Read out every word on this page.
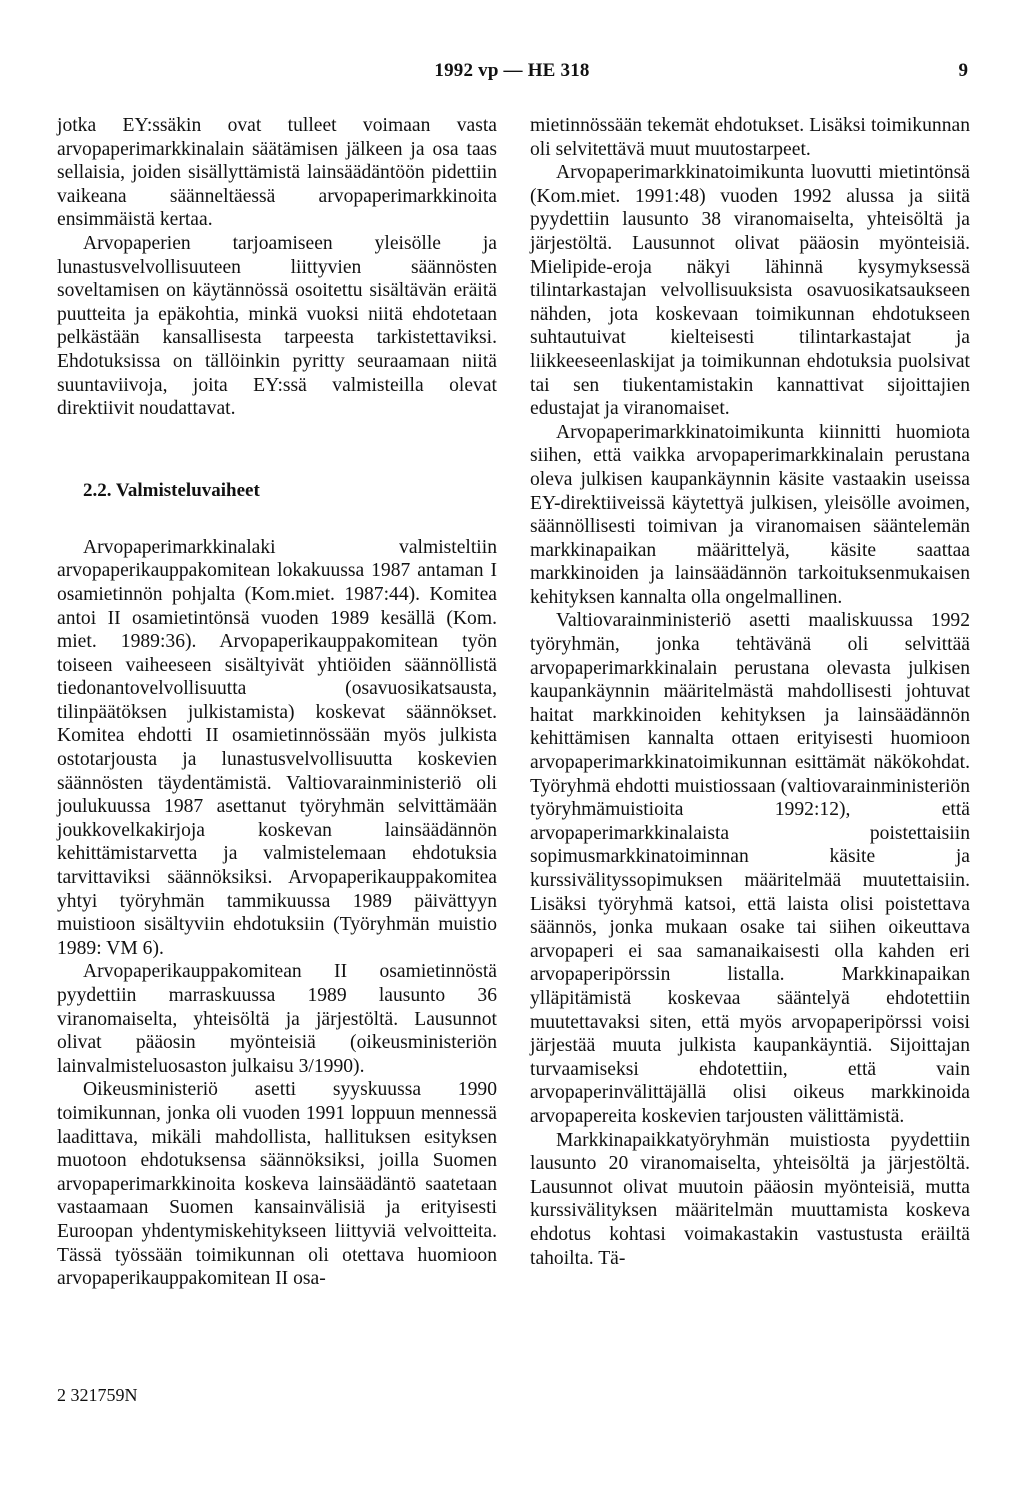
1992 vp — HE 318	9

jotka EY:ssäkin ovat tulleet voimaan vasta arvopaperimarkkinalain säätämisen jälkeen ja osa taas sellaisia, joiden sisällyttämistä lainsäädäntöön pidettiin vaikeana säänneltäessä arvopaperimarkkinoita ensimmäistä kertaa.

Arvopaperien tarjoamiseen yleisölle ja lunastusvelvollisuuteen liittyvien säännösten soveltamisen on käytännössä osoitettu sisältävän eräitä puutteita ja epäkohtia, minkä vuoksi niitä ehdotetaan pelkästään kansallisesta tarpeesta tarkistettaviksi. Ehdotuksissa on tällöinkin pyritty seuraamaan niitä suuntaviivoja, joita EY:ssä valmisteilla olevat direktiivit noudattavat.

2.2. Valmisteluvaiheet

Arvopaperimarkkinalaki valmisteltiin arvopaperikauppakomitean lokakuussa 1987 antaman I osamietinnön pohjalta (Kom.miet. 1987:44). Komitea antoi II osamietintönsä vuoden 1989 kesällä (Kom. miet. 1989:36). Arvopaperikauppakomitean työn toiseen vaiheeseen sisältyivät yhtiöiden säännöllistä tiedonantovelvollisuutta (osavuosikatsausta, tilinpäätöksen julkistamista) koskevat säännökset. Komitea ehdotti II osamietinnössään myös julkista ostotarjousta ja lunastusvelvollisuutta koskevien säännösten täydentämistä. Valtiovarainministeriö oli joulukuussa 1987 asettanut työryhmän selvittämään joukkovelkakirjoja koskevan lainsäädännön kehittämistarvetta ja valmistelemaan ehdotuksia tarvittaviksi säännöksiksi. Arvopaperikauppakomitea yhtyi työryhmän tammikuussa 1989 päivättyyn muistioon sisältyviin ehdotuksiin (Työryhmän muistio 1989: VM 6).

Arvopaperikauppakomitean II osamietinnöstä pyydettiin marraskuussa 1989 lausunto 36 viranomaiselta, yhteisöltä ja järjestöltä. Lausunnot olivat pääosin myönteisiä (oikeusministeriön lainvalmisteluosaston julkaisu 3/1990).

Oikeusministeriö asetti syyskuussa 1990 toimikunnan, jonka oli vuoden 1991 loppuun mennessä laadittava, mikäli mahdollista, hallituksen esityksen muotoon ehdotuksensa säännöksiksi, joilla Suomen arvopaperimarkkinoita koskeva lainsäädäntö saatetaan vastaamaan Suomen kansainvälisiä ja erityisesti Euroopan yhdentymiskehitykseen liittyviä velvoitteita. Tässä työssään toimikunnan oli otettava huomioon arvopaperikauppakomitean II osa-

mietinnössään tekemät ehdotukset. Lisäksi toimikunnan oli selvitettävä muut muutostarpeet.

Arvopaperimarkkinatoimikunta luovutti mietintönsä (Kom.miet. 1991:48) vuoden 1992 alussa ja siitä pyydettiin lausunto 38 viranomaiselta, yhteisöltä ja järjestöltä. Lausunnot olivat pääosin myönteisiä. Mielipide-eroja näkyi lähinnä kysymyksessä tilintarkastajan velvollisuuksista osavuosikatsaukseen nähden, jota koskevaan toimikunnan ehdotukseen suhtautuivat kielteisesti tilintarkastajat ja liikkeeseenlaskijat ja toimikunnan ehdotuksia puolsivat tai sen tiukentamistakin kannattivat sijoittajien edustajat ja viranomaiset.

Arvopaperimarkkinatoimikunta kiinnitti huomiota siihen, että vaikka arvopaperimarkkinalain perustana oleva julkisen kaupankäynnin käsite vastaakin useissa EY-direktiiveissä käytettyä julkisen, yleisölle avoimen, säännöllisesti toimivan ja viranomaisen sääntelemän markkinapaikan määrittelyä, käsite saattaa markkinoiden ja lainsäädännön tarkoituksenmukaisen kehityksen kannalta olla ongelmallinen.

Valtiovarainministeriö asetti maaliskuussa 1992 työryhmän, jonka tehtävänä oli selvittää arvopaperimarkkinalain perustana olevasta julkisen kaupankäynnin määritelmästä mahdollisesti johtuvat haitat markkinoiden kehityksen ja lainsäädännön kehittämisen kannalta ottaen erityisesti huomioon arvopaperimarkkinatoimikunnan esittämät näkökohdat. Työryhmä ehdotti muistiossaan (valtiovarainministeriön työryhmämuistioita 1992:12), että arvopaperimarkkinalaista poistettaisiin sopimusmarkkinatoiminnan käsite ja kurssivälityssopimuksen määritelmää muutettaisiin. Lisäksi työryhmä katsoi, että laista olisi poistettava säännös, jonka mukaan osake tai siihen oikeuttava arvopaperi ei saa samanaikaisesti olla kahden eri arvopaperipörssin listalla. Markkinapaikan ylläpitämistä koskevaa sääntelyä ehdotettiin muutettavaksi siten, että myös arvopaperipörssi voisi järjestää muuta julkista kaupankäyntiä. Sijoittajan turvaamiseksi ehdotettiin, että vain arvopaperinvälittäjällä olisi oikeus markkinoida arvopapereita koskevien tarjousten välittämistä.

Markkinapaikkatyöryhmän muistiosta pyydettiin lausunto 20 viranomaiselta, yhteisöltä ja järjestöltä. Lausunnot olivat muutoin pääosin myönteisiä, mutta kurssivälityksen määritelmän muuttamista koskeva ehdotus kohtasi voimakastakin vastustusta eräiltä tahoilta. Tä-

2 321759N
